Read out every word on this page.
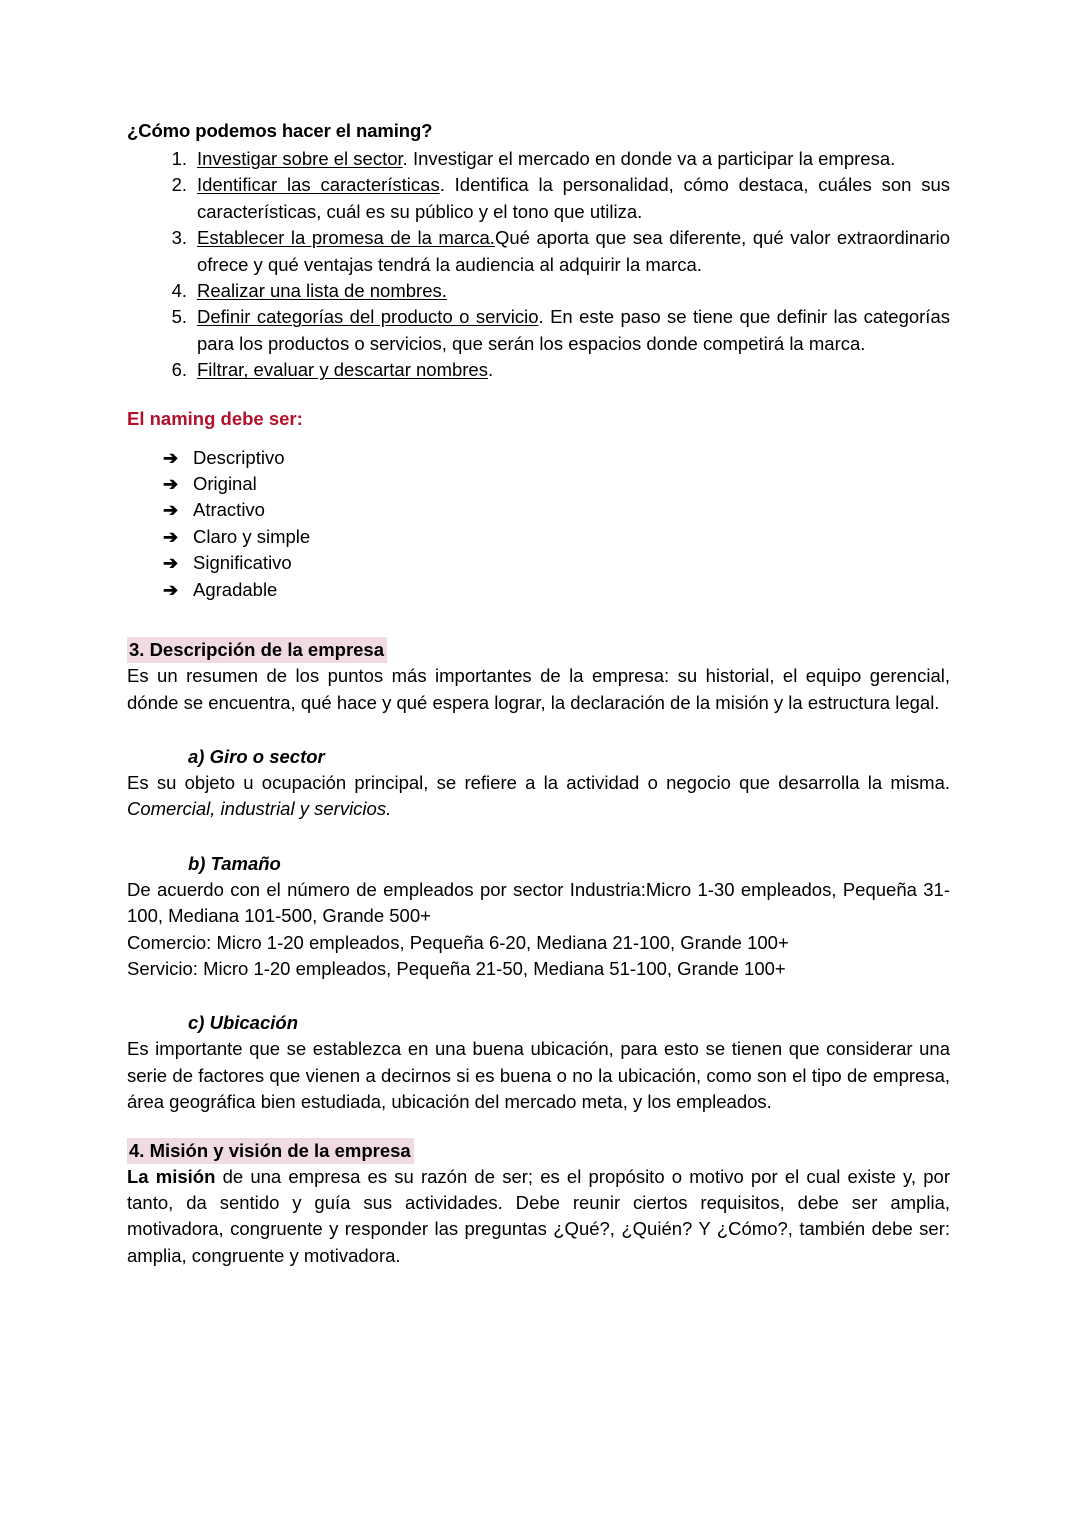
¿Cómo podemos hacer el naming?
Investigar sobre el sector. Investigar el mercado en donde va a participar la empresa.
Identificar las características. Identifica la personalidad, cómo destaca, cuáles son sus características, cuál es su público y el tono que utiliza.
Establecer la promesa de la marca.Qué aporta que sea diferente, qué valor extraordinario ofrece y qué ventajas tendrá la audiencia al adquirir la marca.
Realizar una lista de nombres.
Definir categorías del producto o servicio. En este paso se tiene que definir las categorías para los productos o servicios, que serán los espacios donde competirá la marca.
Filtrar, evaluar y descartar nombres.
El naming debe ser:
➔ Descriptivo
➔ Original
➔ Atractivo
➔ Claro y simple
➔ Significativo
➔ Agradable
3. Descripción de la empresa

Es un resumen de los puntos más importantes de la empresa: su historial, el equipo gerencial, dónde se encuentra, qué hace y qué espera lograr, la declaración de la misión y la estructura legal.

a) Giro o sector

Es su objeto u ocupación principal, se refiere a la actividad o negocio que desarrolla la misma. Comercial, industrial y servicios.

b) Tamaño

De acuerdo con el número de empleados por sector Industria:Micro 1-30 empleados, Pequeña 31-100, Mediana 101-500, Grande 500+

Comercio: Micro 1-20 empleados, Pequeña 6-20, Mediana 21-100, Grande 100+

Servicio: Micro 1-20 empleados, Pequeña 21-50, Mediana 51-100, Grande 100+

c) Ubicación

Es importante que se establezca en una buena ubicación, para esto se tienen que considerar una serie de factores que vienen a decirnos si es buena o no la ubicación, como son el tipo de empresa, área geográfica bien estudiada, ubicación del mercado meta, y los empleados.

4. Misión y visión de la empresa

La misión de una empresa es su razón de ser; es el propósito o motivo por el cual existe y, por tanto, da sentido y guía sus actividades. Debe reunir ciertos requisitos, debe ser amplia, motivadora, congruente y responder las preguntas ¿Qué?, ¿Quién? Y ¿Cómo?, también debe ser: amplia, congruente y motivadora.
